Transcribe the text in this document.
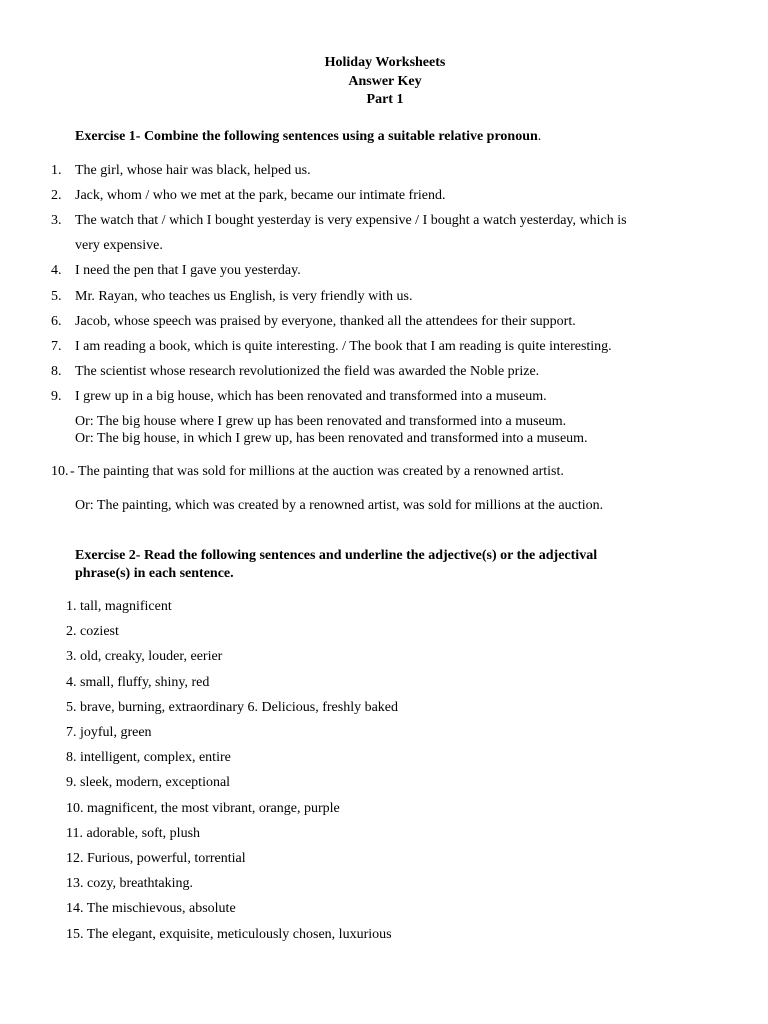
Holiday Worksheets
Answer Key
Part 1
Exercise 1- Combine the following sentences using a suitable relative pronoun.
1. The girl, whose hair was black, helped us.
2. Jack, whom / who we met at the park, became our intimate friend.
3. The watch that / which I bought yesterday is very expensive / I bought a watch yesterday, which is
very expensive.
4. I need the pen that I gave you yesterday.
5. Mr. Rayan, who teaches us English, is very friendly with us.
6. Jacob, whose speech was praised by everyone, thanked all the attendees for their support.
7. I am reading a book, which is quite interesting. / The book that I am reading is quite interesting.
8. The scientist whose research revolutionized the field was awarded the Noble prize.
9. I grew up in a big house, which has been renovated and transformed into a museum.
Or: The big house where I grew up has been renovated and transformed into a museum.
Or: The big house, in which I grew up, has been renovated and transformed into a museum.
10. - The painting that was sold for millions at the auction was created by a renowned artist.
Or: The painting, which was created by a renowned artist, was sold for millions at the auction.
Exercise 2- Read the following sentences and underline the adjective(s) or the adjectival
phrase(s) in each sentence.
1. tall, magnificent
2. coziest
3. old, creaky, louder, eerier
4. small, fluffy, shiny, red
5. brave, burning, extraordinary 6. Delicious, freshly baked
7. joyful, green
8. intelligent, complex, entire
9. sleek, modern, exceptional
10. magnificent, the most vibrant, orange, purple
11. adorable, soft, plush
12. Furious, powerful, torrential
13. cozy, breathtaking.
14. The mischievous, absolute
15. The elegant, exquisite, meticulously chosen, luxurious
